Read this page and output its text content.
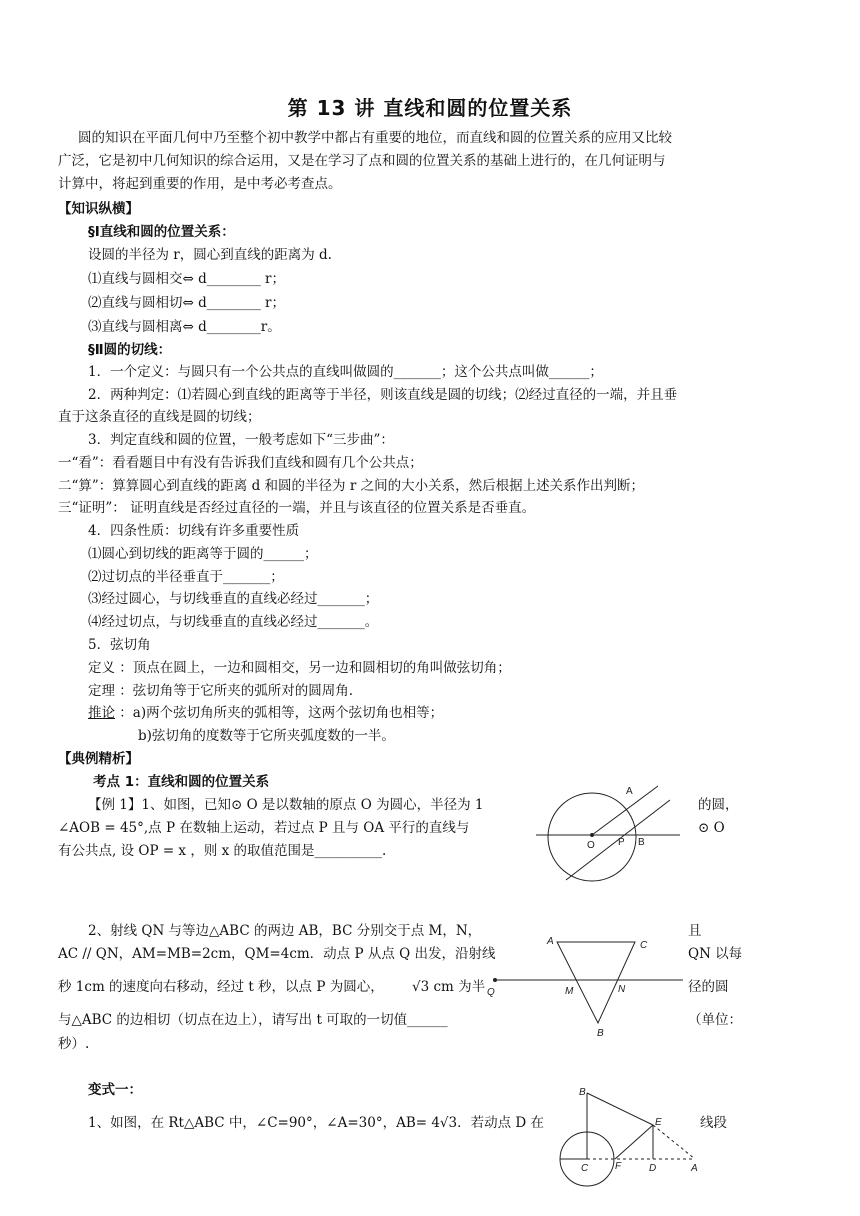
第 13 讲 直线和圆的位置关系
圆的知识在平面几何中乃至整个初中教学中都占有重要的地位，而直线和圆的位置关系的应用又比较
广泛，它是初中几何知识的综合运用，又是在学习了点和圆的位置关系的基础上进行的，在几何证明与
计算中，将起到重要的作用，是中考必考查点。
【知识纵横】
§Ⅰ直线和圆的位置关系：
设圆的半径为 r，圆心到直线的距离为 d.
⑴直线与圆相交⇔ d________ r；
⑵直线与圆相切⇔ d________ r；
⑶直线与圆相离⇔ d________r。
§Ⅱ圆的切线：
1．一个定义：与圆只有一个公共点的直线叫做圆的_______；这个公共点叫做______；
2．两种判定：⑴若圆心到直线的距离等于半径，则该直线是圆的切线；⑵经过直径的一端，并且垂
直于这条直径的直线是圆的切线；
3．判定直线和圆的位置，一般考虑如下“三步曲”：
一“看”：看看题目中有没有告诉我们直线和圆有几个公共点；
二“算”：算算圆心到直线的距离 d 和圆的半径为 r 之间的大小关系，然后根据上述关系作出判断；
三“证明”： 证明直线是否经过直径的一端，并且与该直径的位置关系是否垂直。
4．四条性质：切线有许多重要性质
⑴圆心到切线的距离等于圆的______；
⑵过切点的半径垂直于_______；
⑶经过圆心，与切线垂直的直线必经过_______；
⑷经过切点，与切线垂直的直线必经过_______。
5．弦切角
定义 ：顶点在圆上，一边和圆相交，另一边和圆相切的角叫做弦切角；
定理 ：弦切角等于它所夹的弧所对的圆周角.
推论 ：a)两个弦切角所夹的弧相等，这两个弦切角也相等；
b)弦切角的度数等于它所夹弧度数的一半。
【典例精析】
考点 1：直线和圆的位置关系
【例 1】1、如图，已知⊙ O 是以数轴的原点 O 为圆心，半径为 1	的圆，
∠AOB = 45°,点 P 在数轴上运动，若过点 P 且与 OA 平行的直线与	⊙ O
有公共点, 设 OP = x ，则 x 的取值范围是__________.
A
O P B
2、射线 QN 与等边△ABC 的两边 AB，BC 分别交于点 M，N，	且
AC // QN，AM=MB=2cm，QM=4cm．动点 P 从点 Q 出发，沿射线	QN 以每
秒 1cm 的速度向右移动，经过 t 秒，以点 P 为圆心， √3 cm 为半	径的圆
与△ABC 的边相切（切点在边上），请写出 t 可取的一切值______	（单位：
秒）.
A	C
Q	M	N
B
变式一：
1、如图，在 Rt△ABC 中，∠C=90°，∠A=30°，AB= 4√3．若动点 D 在	线段
B
E
C	F	D	A
